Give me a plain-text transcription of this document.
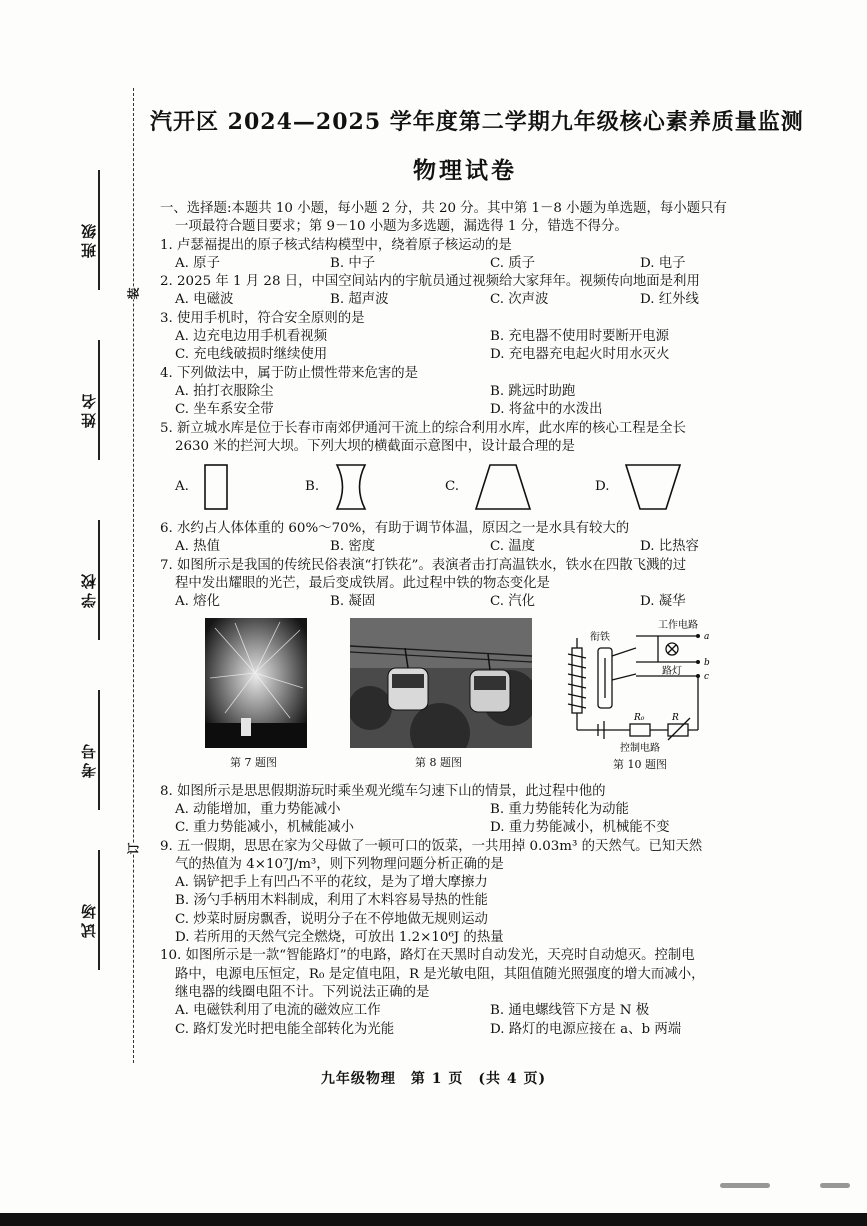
班级
姓名
学校
考号
试场
装
订
汽开区 2024—2025 学年度第二学期九年级核心素养质量监测
物理试卷
一、选择题:本题共 10 小题，每小题 2 分，共 20 分。其中第 1－8 小题为单选题，每小题只有
一项最符合题目要求；第 9－10 小题为多选题，漏选得 1 分，错选不得分。
1. 卢瑟福提出的原子核式结构模型中，绕着原子核运动的是
A. 原子	B. 中子	C. 质子	D. 电子
2. 2025 年 1 月 28 日，中国空间站内的宇航员通过视频给大家拜年。视频传向地面是利用
A. 电磁波	B. 超声波	C. 次声波	D. 红外线
3. 使用手机时，符合安全原则的是
A. 边充电边用手机看视频	B. 充电器不使用时要断开电源
C. 充电线破损时继续使用	D. 充电器充电起火时用水灭火
4. 下列做法中，属于防止惯性带来危害的是
A. 拍打衣服除尘	B. 跳远时助跑
C. 坐车系安全带	D. 将盆中的水泼出
5. 新立城水库是位于长春市南郊伊通河干流上的综合利用水库，此水库的核心工程是全长
2630 米的拦河大坝。下列大坝的横截面示意图中，设计最合理的是
A.	B.	C.	D.
6. 水约占人体体重的 60%～70%，有助于调节体温，原因之一是水具有较大的
A. 热值	B. 密度	C. 温度	D. 比热容
7. 如图所示是我国的传统民俗表演“打铁花”。表演者击打高温铁水，铁水在四散飞溅的过
程中发出耀眼的光芒，最后变成铁屑。此过程中铁的物态变化是
A. 熔化	B. 凝固	C. 汽化	D. 凝华
第 7 题图	第 8 题图
工作电路
衔铁
路灯
a
b
c
R₀	R
控制电路
第 10 题图
8. 如图所示是思思假期游玩时乘坐观光缆车匀速下山的情景，此过程中他的
A. 动能增加，重力势能减小	B. 重力势能转化为动能
C. 重力势能减小，机械能减小	D. 重力势能减小，机械能不变
9. 五一假期，思思在家为父母做了一顿可口的饭菜，一共用掉 0.03m³ 的天然气。已知天然
气的热值为 4×10⁷J/m³，则下列物理问题分析正确的是
A. 锅铲把手上有凹凸不平的花纹，是为了增大摩擦力
B. 汤勺手柄用木料制成，利用了木料容易导热的性能
C. 炒菜时厨房飘香，说明分子在不停地做无规则运动
D. 若所用的天然气完全燃烧，可放出 1.2×10⁶J 的热量
10. 如图所示是一款“智能路灯”的电路，路灯在天黑时自动发光，天亮时自动熄灭。控制电
路中，电源电压恒定，R₀ 是定值电阻，R 是光敏电阻，其阻值随光照强度的增大而减小，
继电器的线圈电阻不计。下列说法正确的是
A. 电磁铁利用了电流的磁效应工作	B. 通电螺线管下方是 N 极
C. 路灯发光时把电能全部转化为光能	D. 路灯的电源应接在 a、b 两端
九年级物理　第 1 页　(共 4 页)
